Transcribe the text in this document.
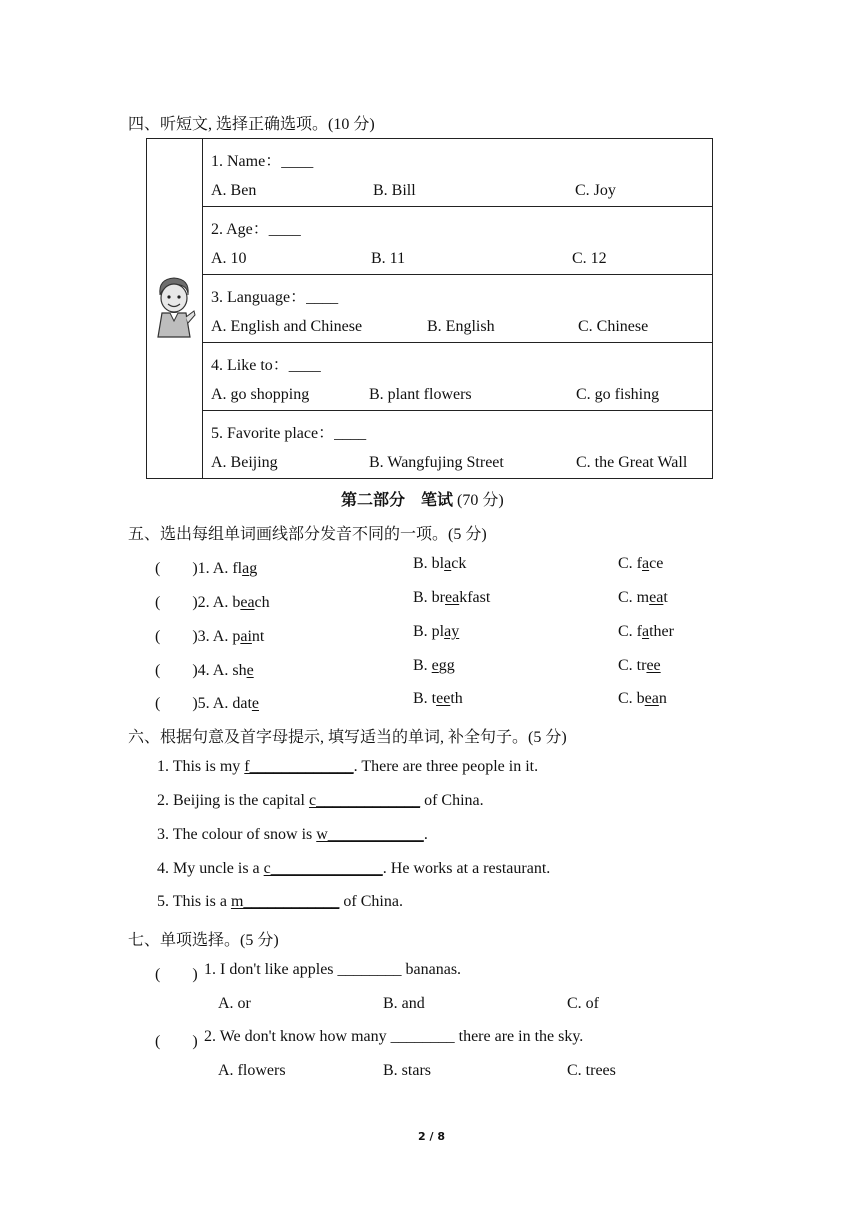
四、听短文, 选择正确选项。(10 分)

1. Name：____
A. Ben	B. Bill	C. Joy

2. Age：____
A. 10	B. 11	C. 12

3. Language：____
A. English and Chinese	B. English	C. Chinese

4. Like to：____
A. go shopping	B. plant flowers	C. go fishing

5. Favorite place：____
A. Beijing	B. Wangfujing Street	C. the Great Wall
第二部分　笔试 (70 分)
五、选出每组单词画线部分发音不同的一项。(5 分)
(　　)1. A. flag	B. black	C. face
(　　)2. A. beach	B. breakfast	C. meat
(　　)3. A. paint	B. play	C. father
(　　)4. A. she	B. egg	C. tree
(　　)5. A. date	B. teeth	C. bean
六、根据句意及首字母提示, 填写适当的单词, 补全句子。(5 分)
1. This is my f_____________. There are three people in it.
2. Beijing is the capital c_____________ of China.
3. The colour of snow is w____________.
4. My uncle is a c______________. He works at a restaurant.
5. This is a m____________ of China.
七、单项选择。(5 分)
(　　) 1. I don't like apples ________ bananas.
A. or	B. and	C. of
(　　) 2. We don't know how many ________ there are in the sky.
A. flowers	B. stars	C. trees
2 / 8
